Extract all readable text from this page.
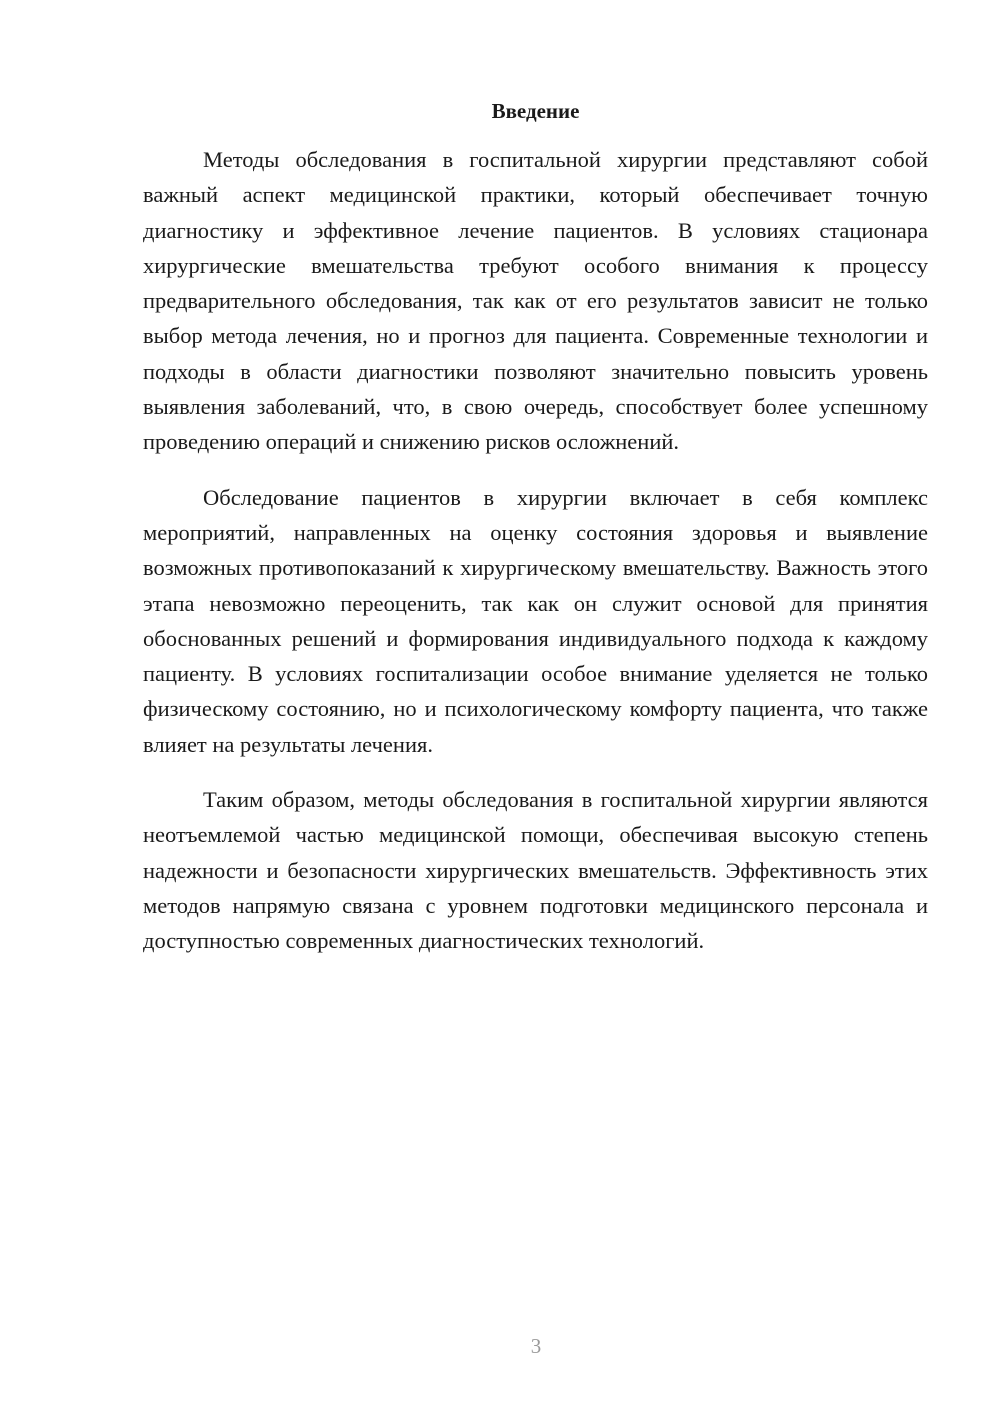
Введение

Методы обследования в госпитальной хирургии представляют собой важный аспект медицинской практики, который обеспечивает точную диагностику и эффективное лечение пациентов. В условиях стационара хирургические вмешательства требуют особого внимания к процессу предварительного обследования, так как от его результатов зависит не только выбор метода лечения, но и прогноз для пациента. Современные технологии и подходы в области диагностики позволяют значительно повысить уровень выявления заболеваний, что, в свою очередь, способствует более успешному проведению операций и снижению рисков осложнений.

Обследование пациентов в хирургии включает в себя комплекс мероприятий, направленных на оценку состояния здоровья и выявление возможных противопоказаний к хирургическому вмешательству. Важность этого этапа невозможно переоценить, так как он служит основой для принятия обоснованных решений и формирования индивидуального подхода к каждому пациенту. В условиях госпитализации особое внимание уделяется не только физическому состоянию, но и психологическому комфорту пациента, что также влияет на результаты лечения.

Таким образом, методы обследования в госпитальной хирургии являются неотъемлемой частью медицинской помощи, обеспечивая высокую степень надежности и безопасности хирургических вмешательств. Эффективность этих методов напрямую связана с уровнем подготовки медицинского персонала и доступностью современных диагностических технологий.

3
